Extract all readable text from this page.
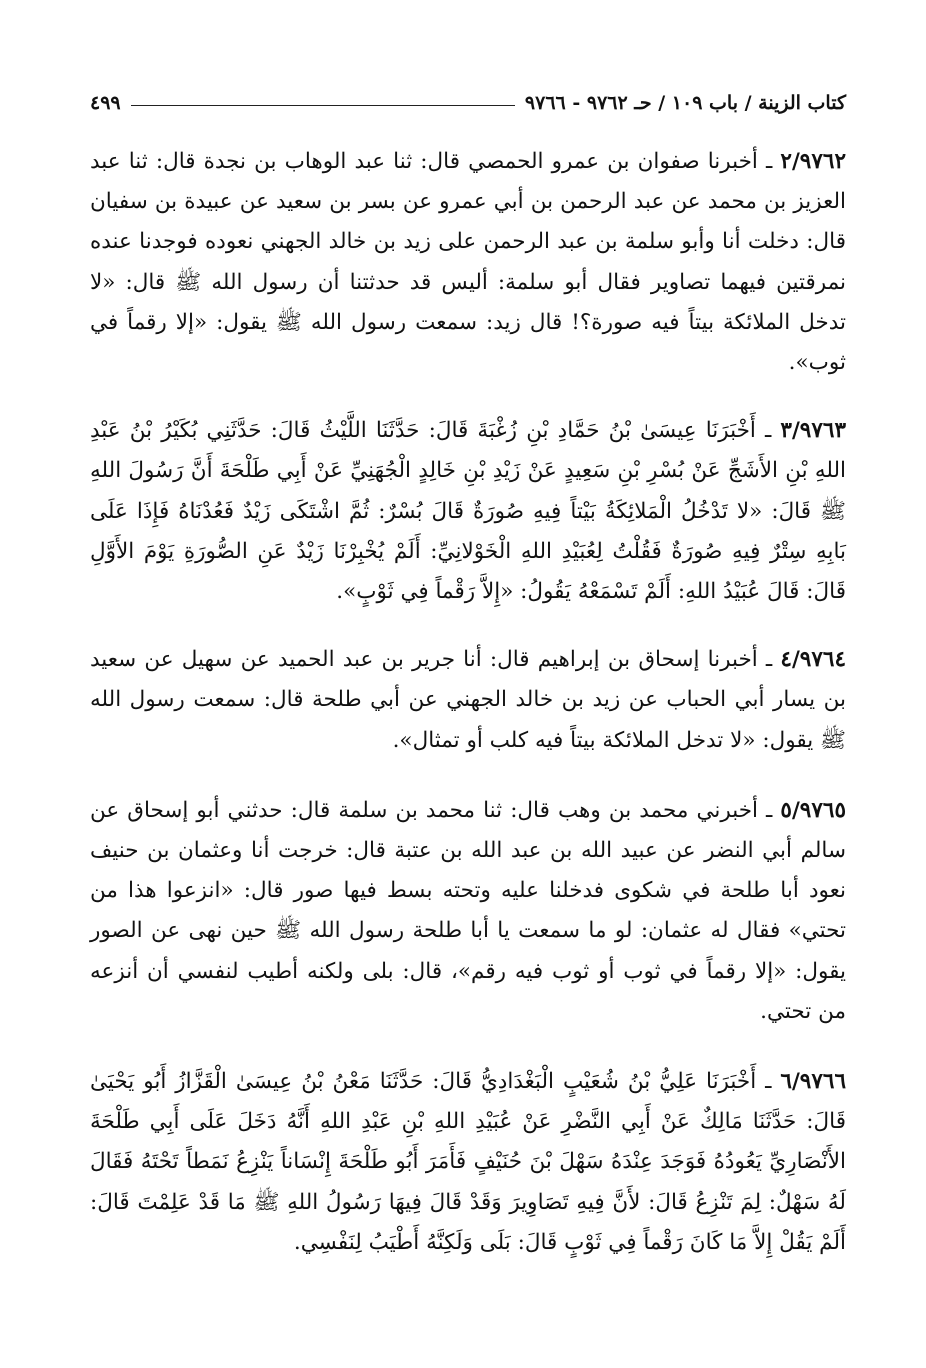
كتاب الزينة / باب ١٠٩ / حـ ٩٧٦٢ - ٩٧٦٦
٤٩٩

٢/٩٧٦٢ ـ أخبرنا صفوان بن عمرو الحمصي قال: ثنا عبد الوهاب بن نجدة قال: ثنا عبد العزيز بن محمد عن عبد الرحمن بن أبي عمرو عن بسر بن سعيد عن عبيدة بن سفيان قال: دخلت أنا وأبو سلمة بن عبد الرحمن على زيد بن خالد الجهني نعوده فوجدنا عنده نمرقتين فيهما تصاوير فقال أبو سلمة: أليس قد حدثتنا أن رسول الله ﷺ قال: «لا تدخل الملائكة بيتاً فيه صورة؟! قال زيد: سمعت رسول الله ﷺ يقول: «إلا رقماً في ثوب».

٣/٩٧٦٣ ـ أَخْبَرَنَا عِيسَىٰ بْنُ حَمَّادِ بْنِ زُغْبَةَ قَالَ: حَدَّثَنَا اللَّيْثُ قَالَ: حَدَّثَنِي بُكَيْرُ بْنُ عَبْدِ اللهِ بْنِ الأَشَجِّ عَنْ بُسْرِ بْنِ سَعِيدٍ عَنْ زَيْدِ بْنِ خَالِدٍ الْجُهَنِيِّ عَنْ أَبِي طَلْحَةَ أَنَّ رَسُولَ اللهِ ﷺ قَالَ: «لا تَدْخُلُ الْمَلائِكَةُ بَيْتاً فِيهِ صُورَةٌ قَالَ بُسْرٌ: ثُمَّ اشْتَكَى زَيْدٌ فَعُدْنَاهُ فَإِذَا عَلَى بَابِهِ سِتْرٌ فِيهِ صُورَةٌ فَقُلْتُ لِعُبَيْدِ اللهِ الْخَوْلانِيِّ: أَلَمْ يُخْبِرْنَا زَيْدٌ عَنِ الصُّورَةِ يَوْمَ الأَوَّلِ قَالَ: قَالَ عُبَيْدُ اللهِ: أَلَمْ تَسْمَعْهُ يَقُولُ: «إِلاَّ رَقْماً فِي ثَوْبٍ».

٤/٩٧٦٤ ـ أخبرنا إسحاق بن إبراهيم قال: أنا جرير بن عبد الحميد عن سهيل عن سعيد بن يسار أبي الحباب عن زيد بن خالد الجهني عن أبي طلحة قال: سمعت رسول الله ﷺ يقول: «لا تدخل الملائكة بيتاً فيه كلب أو تمثال».

٥/٩٧٦٥ ـ أخبرني محمد بن وهب قال: ثنا محمد بن سلمة قال: حدثني أبو إسحاق عن سالم أبي النضر عن عبيد الله بن عبد الله بن عتبة قال: خرجت أنا وعثمان بن حنيف نعود أبا طلحة في شكوى فدخلنا عليه وتحته بسط فيها صور قال: «انزعوا هذا من تحتي» فقال له عثمان: لو ما سمعت يا أبا طلحة رسول الله ﷺ حين نهى عن الصور يقول: «إلا رقماً في ثوب أو ثوب فيه رقم»، قال: بلى ولكنه أطيب لنفسي أن أنزعه من تحتي.

٦/٩٧٦٦ ـ أَخْبَرَنَا عَلِيُّ بْنُ شُعَيْبٍ الْبَغْدَادِيُّ قَالَ: حَدَّثَنَا مَعْنُ بْنُ عِيسَىٰ الْقَزَّازُ أَبُو يَحْيَىٰ قَالَ: حَدَّثَنَا مَالِكٌ عَنْ أَبِي النَّضْرِ عَنْ عُبَيْدِ اللهِ بْنِ عَبْدِ اللهِ أَنَّهُ دَخَلَ عَلَى أَبِي طَلْحَةَ الأَنْصَارِيِّ يَعُودُهُ فَوَجَدَ عِنْدَهُ سَهْلَ بْنَ حُنَيْفٍ فَأَمَرَ أَبُو طَلْحَةَ إِنْسَاناً يَنْزِعُ نَمَطاً تَحْتَهُ فَقَالَ لَهُ سَهْلٌ: لِمَ تَنْزِعُ قَالَ: لأَنَّ فِيهِ تَصَاوِيرَ وَقَدْ قَالَ فِيهَا رَسُولُ اللهِ ﷺ مَا قَدْ عَلِمْتَ قَالَ: أَلَمْ يَقُلْ إِلاَّ مَا كَانَ رَقْماً فِي ثَوْبٍ قَالَ: بَلَى وَلَكِنَّهُ أَطْيَبُ لِنَفْسِي.
